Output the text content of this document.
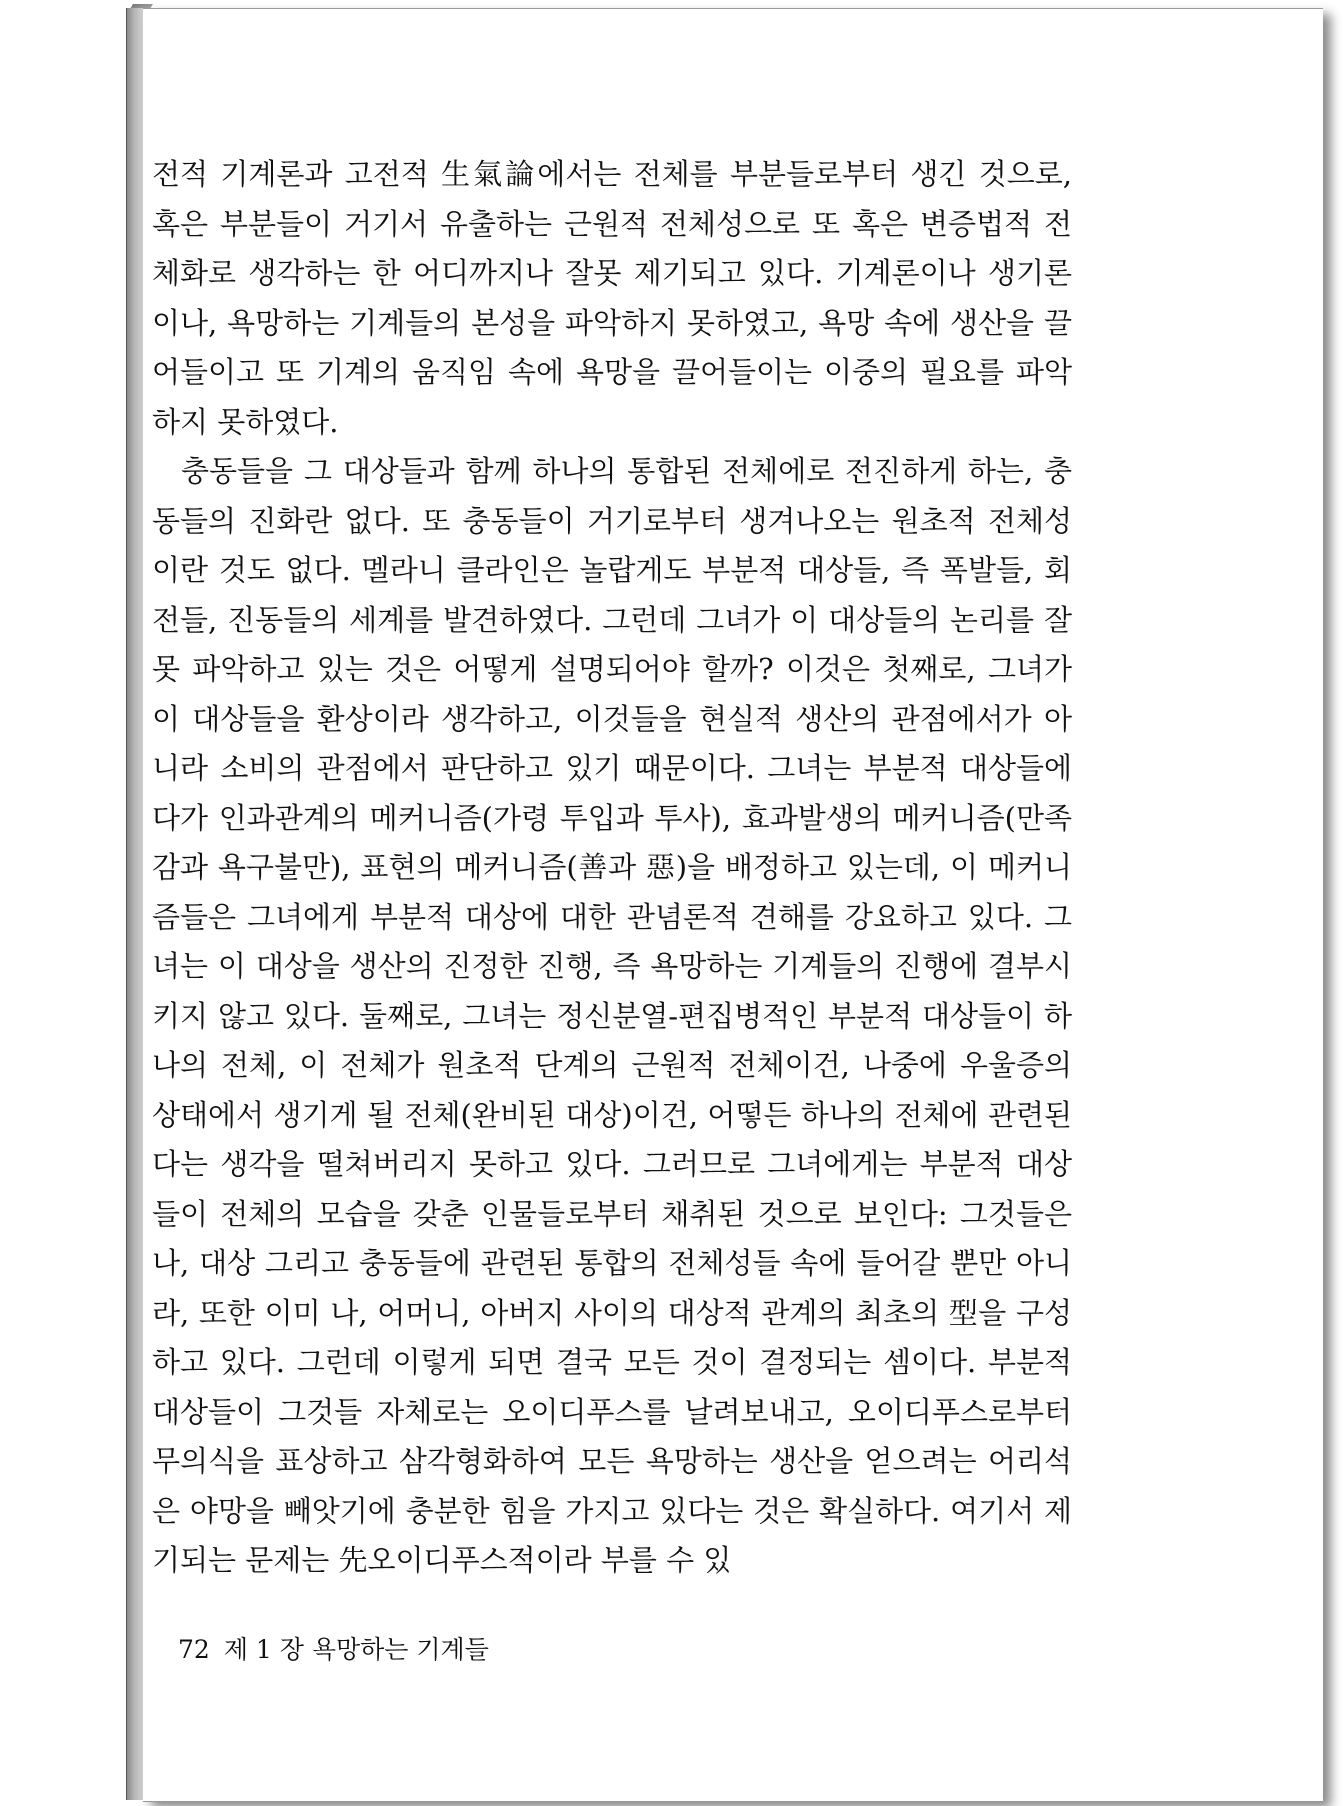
전적 기계론과 고전적 生氣論에서는 전체를 부분들로부터 생긴 것으로, 혹은 부분들이 거기서 유출하는 근원적 전체성으로 또 혹은 변증법적 전체화로 생각하는 한 어디까지나 잘못 제기되고 있다. 기계론이나 생기론이나, 욕망하는 기계들의 본성을 파악하지 못하였고, 욕망 속에 생산을 끌어들이고 또 기계의 움직임 속에 욕망을 끌어들이는 이중의 필요를 파악하지 못하였다.

충동들을 그 대상들과 함께 하나의 통합된 전체에로 전진하게 하는, 충동들의 진화란 없다. 또 충동들이 거기로부터 생겨나오는 원초적 전체성이란 것도 없다. 멜라니 클라인은 놀랍게도 부분적 대상들, 즉 폭발들, 회전들, 진동들의 세계를 발견하였다. 그런데 그녀가 이 대상들의 논리를 잘못 파악하고 있는 것은 어떻게 설명되어야 할까? 이것은 첫째로, 그녀가 이 대상들을 환상이라 생각하고, 이것들을 현실적 생산의 관점에서가 아니라 소비의 관점에서 판단하고 있기 때문이다. 그녀는 부분적 대상들에다가 인과관계의 메커니즘(가령 투입과 투사), 효과발생의 메커니즘(만족감과 욕구불만), 표현의 메커니즘(善과 惡)을 배정하고 있는데, 이 메커니즘들은 그녀에게 부분적 대상에 대한 관념론적 견해를 강요하고 있다. 그녀는 이 대상을 생산의 진정한 진행, 즉 욕망하는 기계들의 진행에 결부시키지 않고 있다. 둘째로, 그녀는 정신분열-편집병적인 부분적 대상들이 하나의 전체, 이 전체가 원초적 단계의 근원적 전체이건, 나중에 우울증의 상태에서 생기게 될 전체(완비된 대상)이건, 어떻든 하나의 전체에 관련된다는 생각을 떨쳐버리지 못하고 있다. 그러므로 그녀에게는 부분적 대상들이 전체의 모습을 갖춘 인물들로부터 채취된 것으로 보인다: 그것들은 나, 대상 그리고 충동들에 관련된 통합의 전체성들 속에 들어갈 뿐만 아니라, 또한 이미 나, 어머니, 아버지 사이의 대상적 관계의 최초의 型을 구성하고 있다. 그런데 이렇게 되면 결국 모든 것이 결정되는 셈이다. 부분적 대상들이 그것들 자체로는 오이디푸스를 날려보내고, 오이디푸스로부터 무의식을 표상하고 삼각형화하여 모든 욕망하는 생산을 얻으려는 어리석은 야망을 빼앗기에 충분한 힘을 가지고 있다는 것은 확실하다. 여기서 제기되는 문제는 先오이디푸스적이라 부를 수 있

72 제 1 장 욕망하는 기계들
